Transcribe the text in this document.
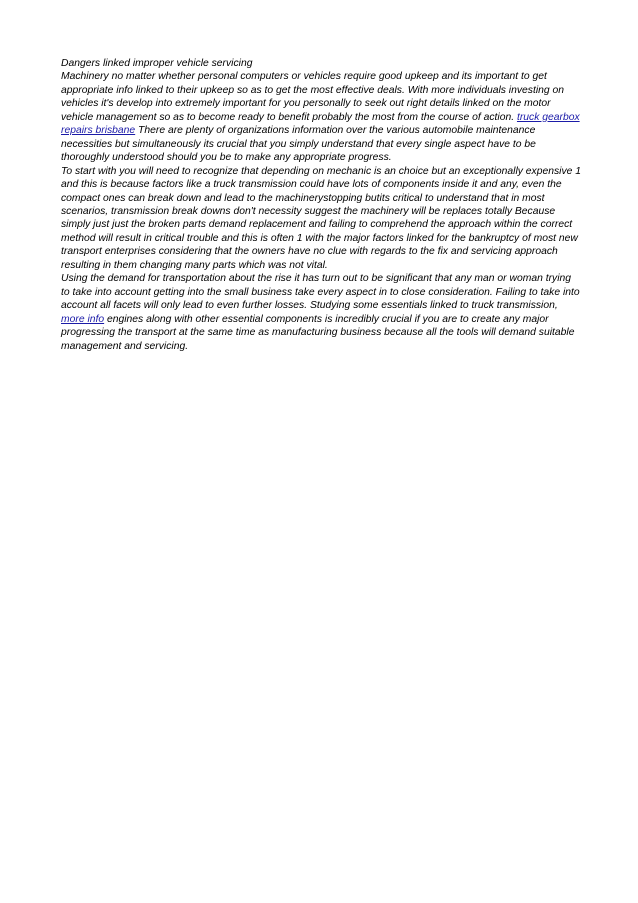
Dangers linked improper vehicle servicing

Machinery no matter whether personal computers or vehicles require good upkeep and its important to get appropriate info linked to their upkeep so as to get the most effective deals. With more individuals investing on vehicles it's develop into extremely important for you personally to seek out right details linked on the motor vehicle management so as to become ready to benefit probably the most from the course of action. truck gearbox repairs brisbane There are plenty of organizations information over the various automobile maintenance necessities but simultaneously its crucial that you simply understand that every single aspect have to be thoroughly understood should you be to make any appropriate progress.

To start with you will need to recognize that depending on mechanic is an choice but an exceptionally expensive 1 and this is because factors like a truck transmission could have lots of components inside it and any, even the compact ones can break down and lead to the machinerystopping butits critical to understand that in most scenarios, transmission break downs don't necessity suggest the machinery will be replaces totally Because simply just just the broken parts demand replacement and failing to comprehend the approach within the correct method will result in critical trouble and this is often 1 with the major factors linked for the bankruptcy of most new transport enterprises considering that the owners have no clue with regards to the fix and servicing approach resulting in them changing many parts which was not vital.

Using the demand for transportation about the rise it has turn out to be significant that any man or woman trying to take into account getting into the small business take every aspect in to close consideration. Failing to take into account all facets will only lead to even further losses. Studying some essentials linked to truck transmission, more info engines along with other essential components is incredibly crucial if you are to create any major progressing the transport at the same time as manufacturing business because all the tools will demand suitable management and servicing.
